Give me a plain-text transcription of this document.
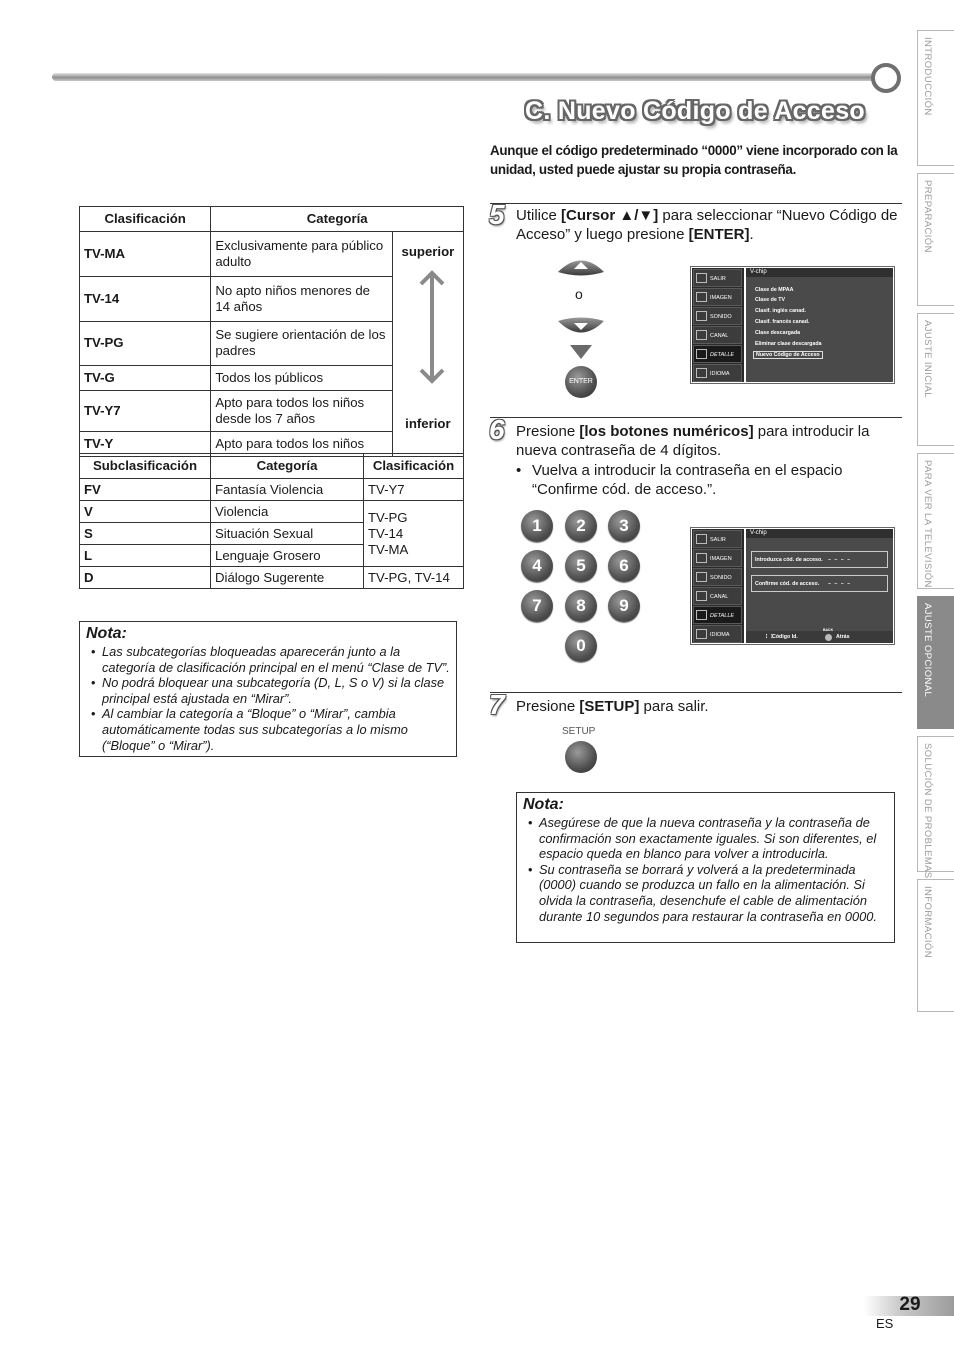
C. Nuevo Código de Acceso
Aunque el código predeterminado “0000” viene incorporado con la unidad, usted puede ajustar su propia contraseña.
INTRODUCCIÓN
PREPARACIÓN
AJUSTE INICIAL
PARA VER LA TELEVISIÓN
AJUSTE OPCIONAL
SOLUCIÓN DE PROBLEMAS
INFORMACIÓN
Clasificación	Categoría	
TV-MA	Exclusivamente para público adulto	superior
inferior

TV-14	No apto niños menores de 14 años	
TV-PG	Se sugiere orientación de los padres	
TV-G	Todos los públicos	
TV-Y7	Apto para todos los niños desde los 7 años	
TV-Y	Apto para todos los niños	
Subclasificación	Categoría	Clasificación
FV	Fantasía Violencia	TV-Y7
V	Violencia	TV-PG
TV-14
TV-MA

S	Situación Sexual	
L	Lenguaje Grosero	
D	Diálogo Sugerente	TV-PG, TV-14
Nota:
• Las subcategorías bloqueadas aparecerán junto a la categoría de clasificación principal en el menú “Clase de TV”.
• No podrá bloquear una subcategoría (D, L, S o V) si la clase principal está ajustada en “Mirar”.
• Al cambiar la categoría a “Bloque” o “Mirar”, cambia automáticamente todas sus subcategorías a lo mismo (“Bloque” o “Mirar”).
5 Utilice [Cursor ▲/▼] para seleccionar “Nuevo Código de Acceso” y luego presione [ENTER].
o
ENTER
SALIR
IMAGEN
SONIDO
CANAL
DETALLE
IDIOMA
V-chip
Clase de MPAA
Clase de TV
Clasif. inglés canad.
Clasif. francés canad.
Clase descargada
Eliminar clase descargada
Nuevo Código de Acceso
6 Presione [los botones numéricos] para introducir la nueva contraseña de 4 dígitos.
• Vuelva a introducir la contraseña en el espacio “Confirme cód. de acceso.”.
1	2	3
4	5	6
7	8	9
0
SALIR
IMAGEN
SONIDO
CANAL
DETALLE
IDIOMA
V-chip
Introduzca cód. de acceso. – – – –
Confirme cód. de acceso. – – – –
⋮⋮
Código Id.
BACK
Atrás
7 Presione [SETUP] para salir.
SETUP
Nota:
• Asegúrese de que la nueva contraseña y la contraseña de confirmación son exactamente iguales. Si son diferentes, el espacio queda en blanco para volver a introducirla.
• Su contraseña se borrará y volverá a la predeterminada (0000) cuando se produzca un fallo en la alimentación. Si olvida la contraseña, desenchufe el cable de alimentación durante 10 segundos para restaurar la contraseña en 0000.
29
ES
